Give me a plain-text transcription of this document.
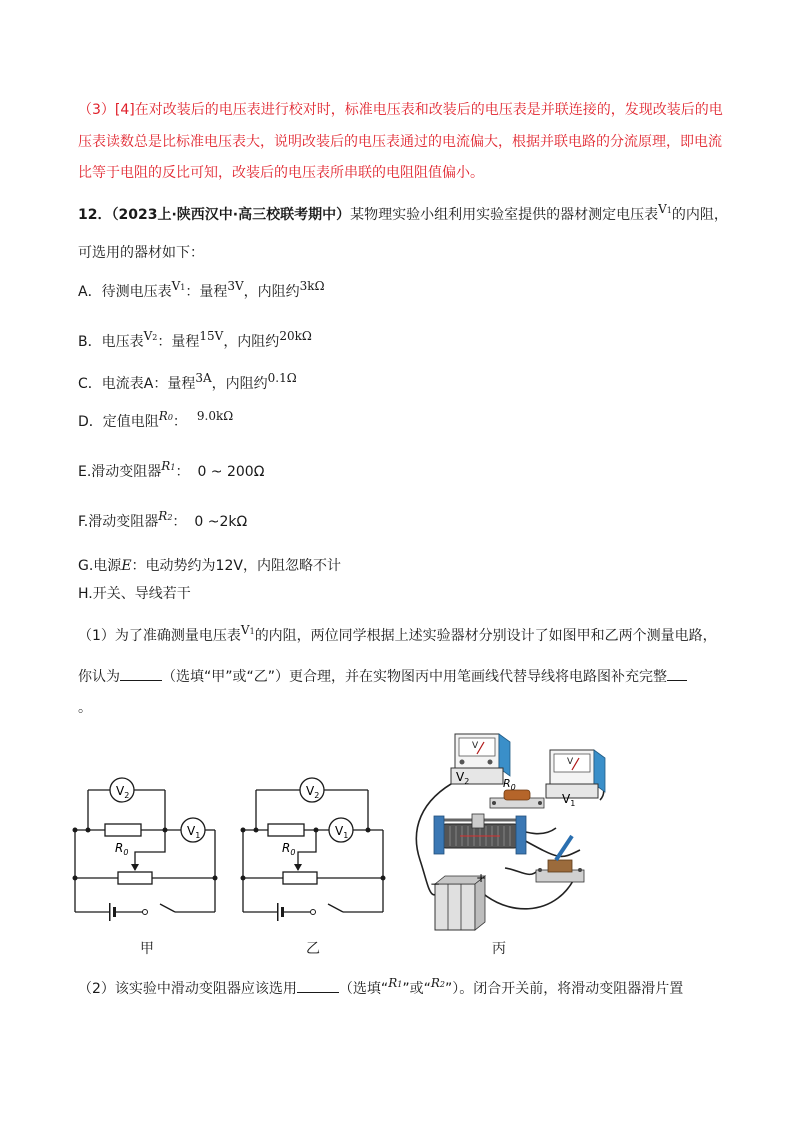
（3）[4]在对改装后的电压表进行校对时，标准电压表和改装后的电压表是并联连接的，发现改装后的电
压表读数总是比标准电压表大，说明改装后的电压表通过的电流偏大，根据并联电路的分流原理，即电流
比等于电阻的反比可知，改装后的电压表所串联的电阻阻值偏小。
12．（2023上·陕西汉中·高三校联考期中）某物理实验小组利用实验室提供的器材测定电压表V1的内阻，
可选用的器材如下：
A．待测电压表V1：量程3V，内阻约3kΩ
B．电压表V2：量程15V，内阻约20kΩ
C．电流表A：量程3A，内阻约0.1Ω
D．定值电阻R0： 9.0kΩ
E.滑动变阻器R1： 0 ~ 200Ω
F.滑动变阻器R2： 0 ~2kΩ
G.电源E：电动势约为12V，内阻忽略不计
H.开关、导线若干
（1）为了准确测量电压表V1的内阻，两位同学根据上述实验器材分别设计了如图甲和乙两个测量电路，
你认为	（选填“甲”或“乙”）更合理，并在实物图丙中用笔画线代替导线将电路图补充完整
。
$V_2$
$V_1$
$R_0$
$V_2$
$V_1$
$R_0$
V
$V_2$	$R_0$
V
$V_1$
−	+
甲	乙	丙
（2）该实验中滑动变阻器应该选用	（选填“R1”或“R2”）。闭合开关前，将滑动变阻器滑片置
